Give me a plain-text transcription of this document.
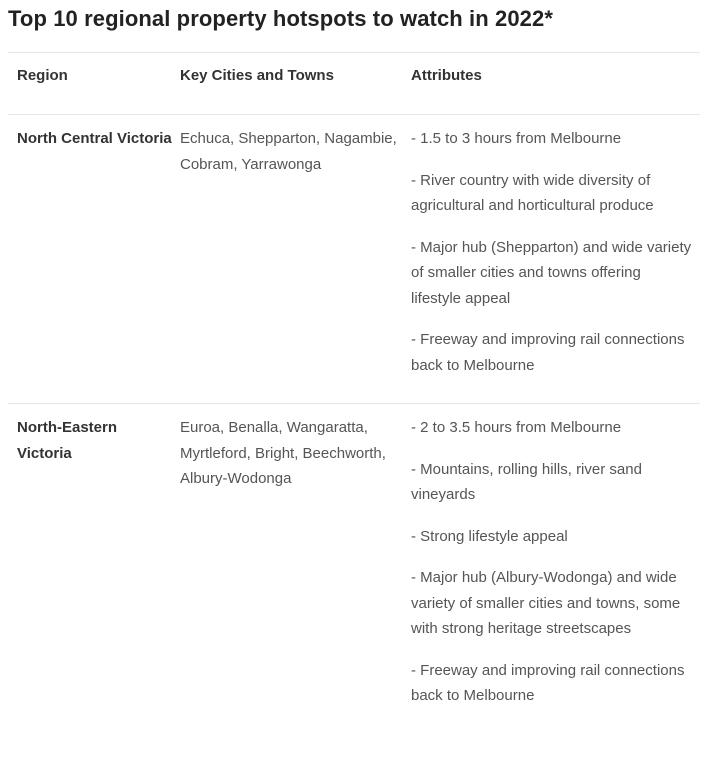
Top 10 regional property hotspots to watch in 2022*
Region	Key Cities and Towns	Attributes
North Central Victoria Echuca, Shepparton, Nagambie, Cobram, Yarrawonga

- 1.5 to 3 hours from Melbourne

- River country with wide diversity of agricultural and horticultural produce

- Major hub (Shepparton) and wide variety of smaller cities and towns offering lifestyle appeal

- Freeway and improving rail connections back to Melbourne

North-Eastern Victoria
Euroa, Benalla, Wangaratta, Myrtleford, Bright, Beechworth, Albury-Wodonga

- 2 to 3.5 hours from Melbourne

- Mountains, rolling hills, river sand vineyards

- Strong lifestyle appeal

- Major hub (Albury-Wodonga) and wide variety of smaller cities and towns, some with strong heritage streetscapes

- Freeway and improving rail connections back to Melbourne
